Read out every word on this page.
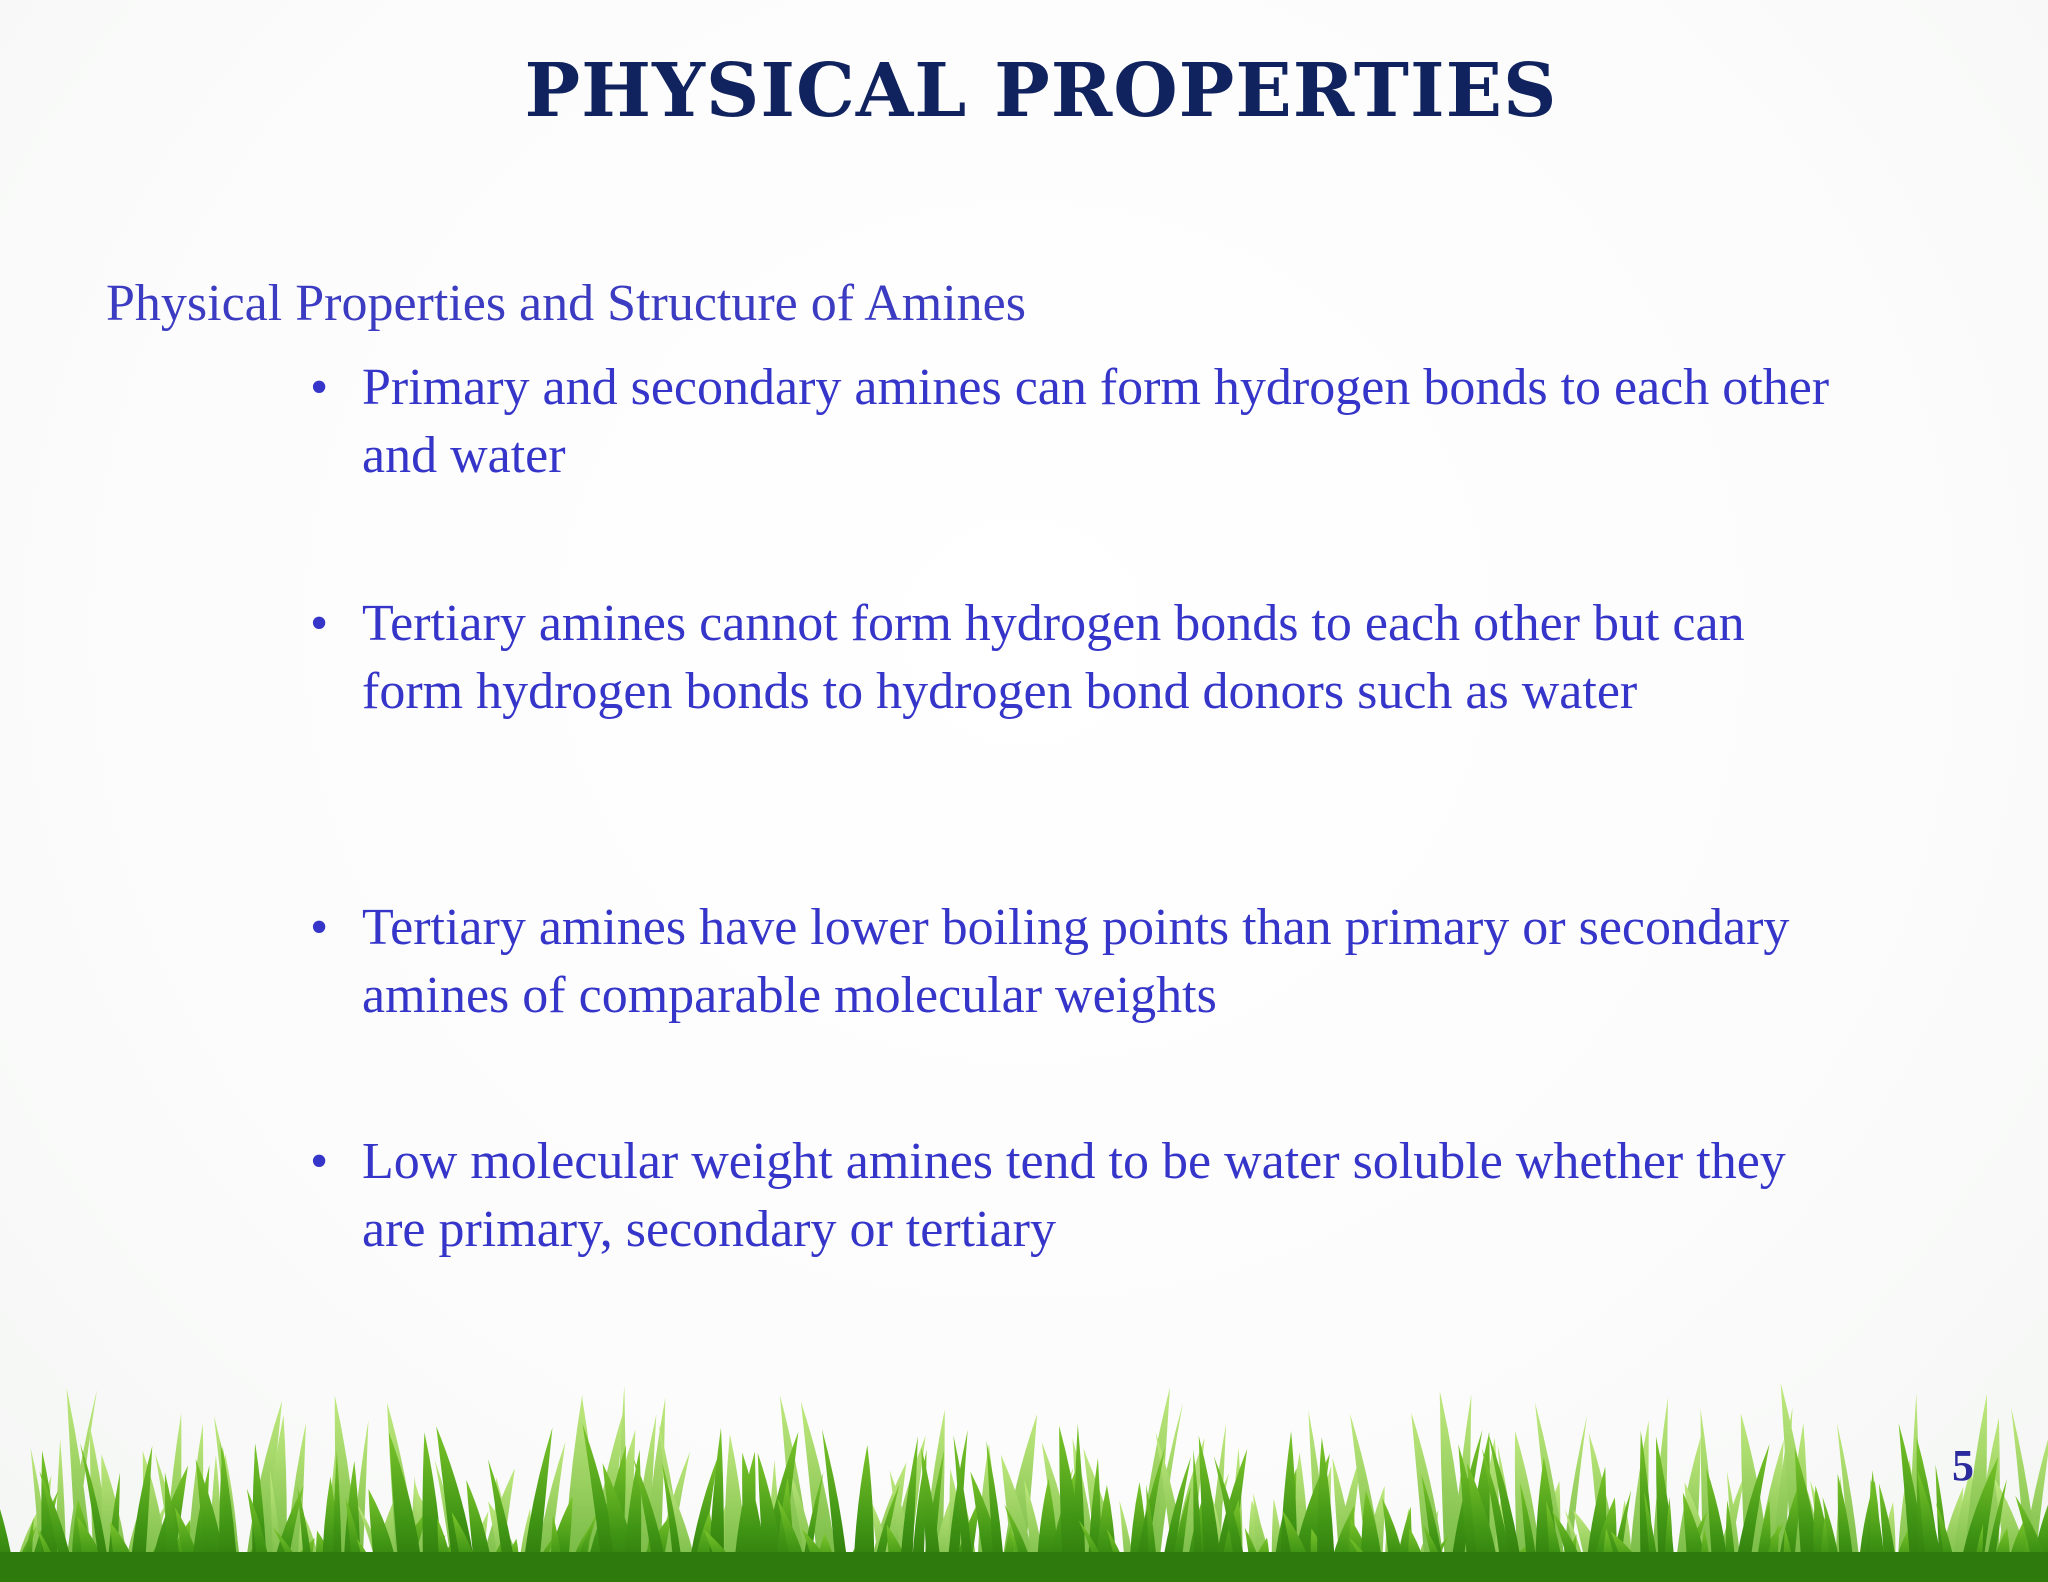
PHYSICAL PROPERTIES

Physical Properties and Structure of Amines

• Primary and secondary amines can form hydrogen bonds to each other and water
• Tertiary amines cannot form hydrogen bonds to each other but can form hydrogen bonds to hydrogen bond donors such as water
• Tertiary amines have lower boiling points than primary or secondary amines of comparable molecular weights
• Low molecular weight amines tend to be water soluble whether they are primary, secondary or tertiary
5
